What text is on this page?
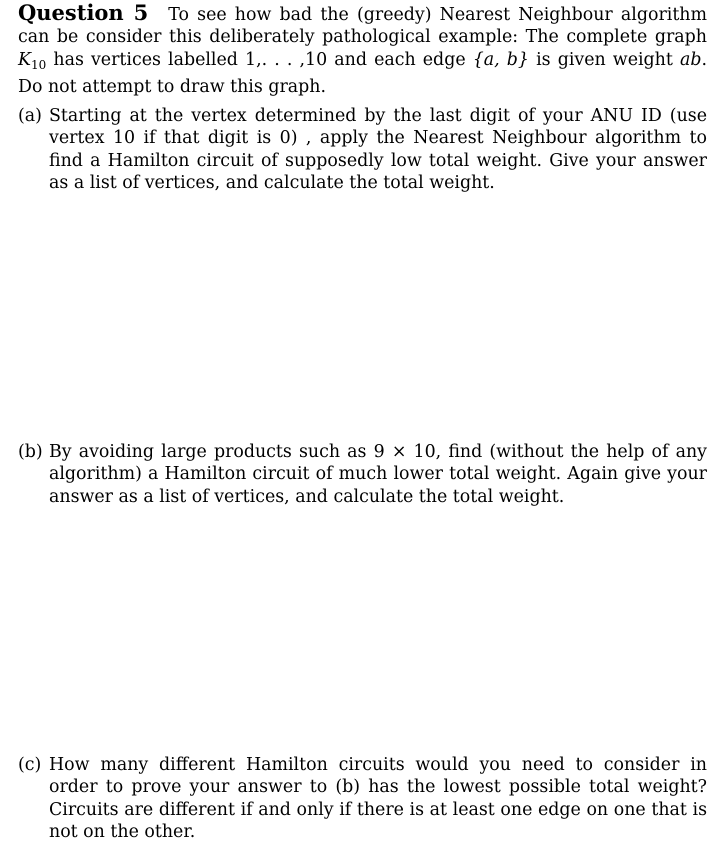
Question 5 To see how bad the (greedy) Nearest Neighbour algorithm can be consider this deliberately pathological example: The complete graph $K_{10}$ has vertices labelled 1,. . . ,10 and each edge {a, b} is given weight ab. Do not attempt to draw this graph.
(a) Starting at the vertex determined by the last digit of your ANU ID (use vertex 10 if that digit is 0) , apply the Nearest Neighbour algorithm to find a Hamilton circuit of supposedly low total weight. Give your answer as a list of vertices, and calculate the total weight.
(b) By avoiding large products such as 9 × 10, find (without the help of any algorithm) a Hamilton circuit of much lower total weight. Again give your answer as a list of vertices, and calculate the total weight.
(c) How many different Hamilton circuits would you need to consider in order to prove your answer to (b) has the lowest possible total weight? Circuits are different if and only if there is at least one edge on one that is not on the other.
